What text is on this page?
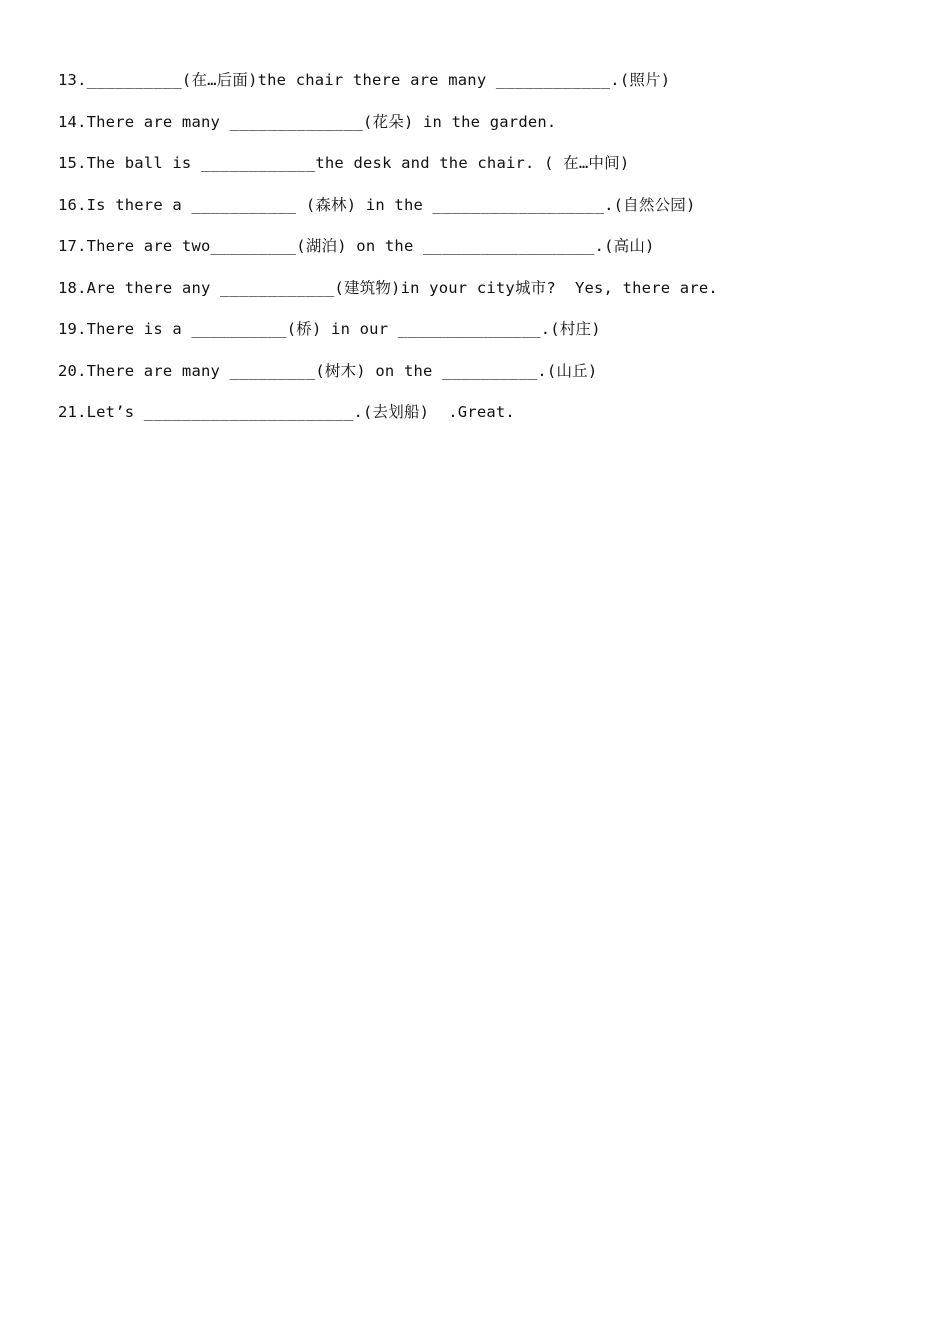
13.__________(在…后面)the chair there are many ____________.(照片)
14.There are many ______________(花朵) in the garden.
15.The ball is ____________the desk and the chair. ( 在…中间)
16.Is there a ___________ (森林) in the __________________.(自然公园)
17.There are two_________(湖泊) on the __________________.(高山)
18.Are there any ____________(建筑物)in your city城市?  Yes, there are.
19.There is a __________(桥) in our _______________.(村庄)
20.There are many _________(树木) on the __________.(山丘)
21.Let’s ______________________.(去划船)  .Great.
